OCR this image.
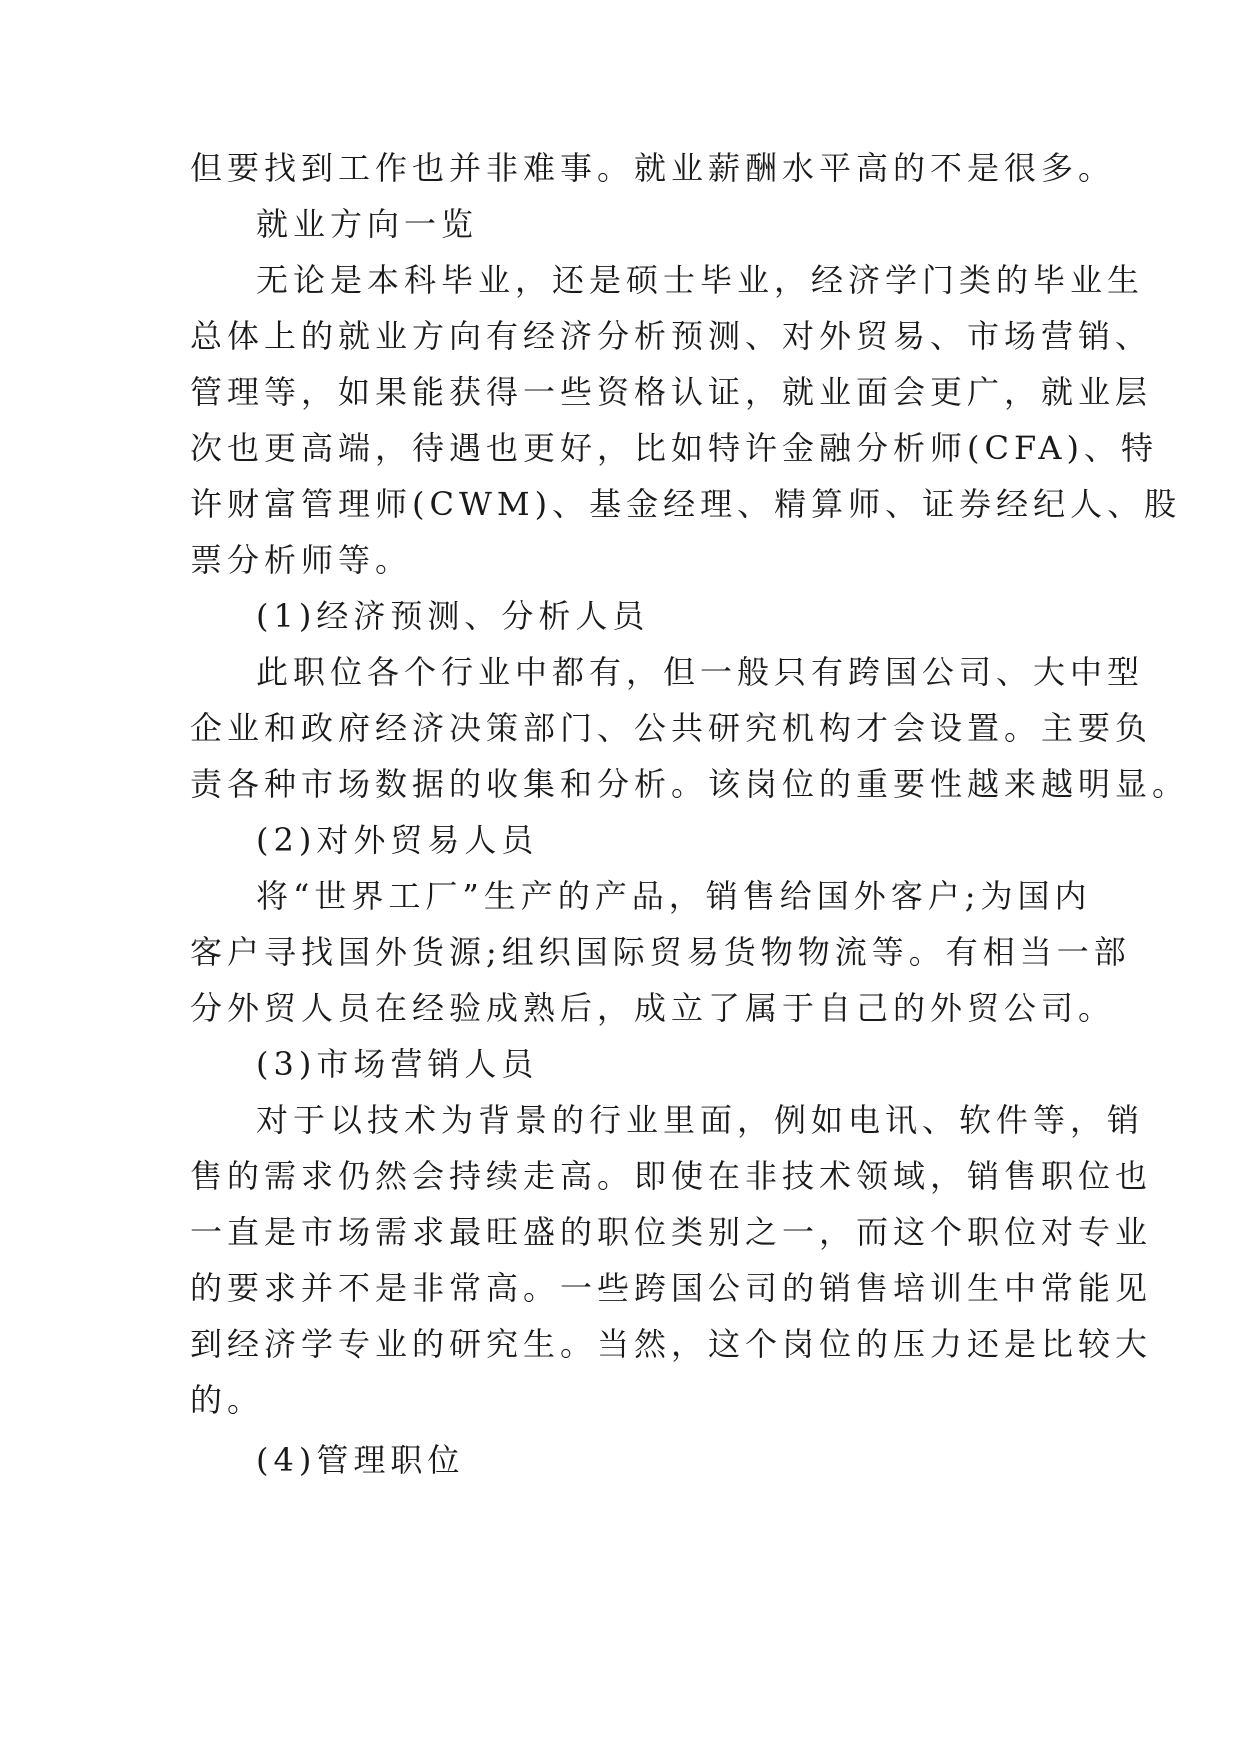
但要找到工作也并非难事。就业薪酬水平高的不是很多。
就业方向一览
无论是本科毕业，还是硕士毕业，经济学门类的毕业生
总体上的就业方向有经济分析预测、对外贸易、市场营销、
管理等，如果能获得一些资格认证，就业面会更广，就业层
次也更高端，待遇也更好，比如特许金融分析师(CFA)、特
许财富管理师(CWM)、基金经理、精算师、证券经纪人、股
票分析师等。
(1)经济预测、分析人员
此职位各个行业中都有，但一般只有跨国公司、大中型
企业和政府经济决策部门、公共研究机构才会设置。主要负
责各种市场数据的收集和分析。该岗位的重要性越来越明显。
(2)对外贸易人员
将“世界工厂”生产的产品，销售给国外客户;为国内
客户寻找国外货源;组织国际贸易货物物流等。有相当一部
分外贸人员在经验成熟后，成立了属于自己的外贸公司。
(3)市场营销人员
对于以技术为背景的行业里面，例如电讯、软件等，销
售的需求仍然会持续走高。即使在非技术领域，销售职位也
一直是市场需求最旺盛的职位类别之一，而这个职位对专业
的要求并不是非常高。一些跨国公司的销售培训生中常能见
到经济学专业的研究生。当然，这个岗位的压力还是比较大
的。
(4)管理职位
